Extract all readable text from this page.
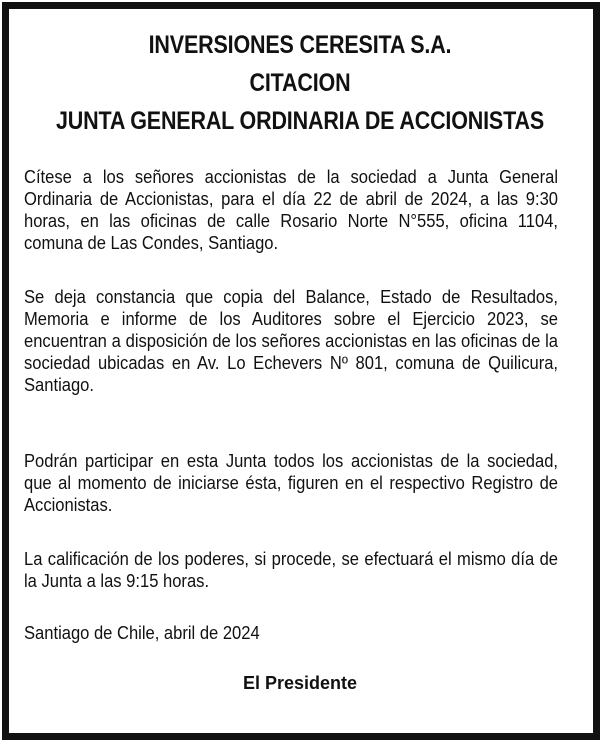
INVERSIONES CERESITA S.A.
CITACION
JUNTA GENERAL ORDINARIA DE ACCIONISTAS
Cítese a los señores accionistas de la sociedad a Junta General Ordinaria de Accionistas, para el día 22 de abril de 2024, a las 9:30 horas, en las oficinas de calle Rosario Norte N°555, oficina 1104, comuna de Las Condes, Santiago.
Se deja constancia que copia del Balance, Estado de Resultados, Memoria e informe de los Auditores sobre el Ejercicio 2023, se encuentran a disposición de los señores accionistas en las oficinas de la sociedad ubicadas en Av. Lo Echevers Nº 801, comuna de Quilicura, Santiago.
Podrán participar en esta Junta todos los accionistas de la sociedad, que al momento de iniciarse ésta, figuren en el respectivo Registro de Accionistas.
La calificación de los poderes, si procede, se efectuará el mismo día de la Junta a las 9:15 horas.
Santiago de Chile, abril de 2024
El Presidente
